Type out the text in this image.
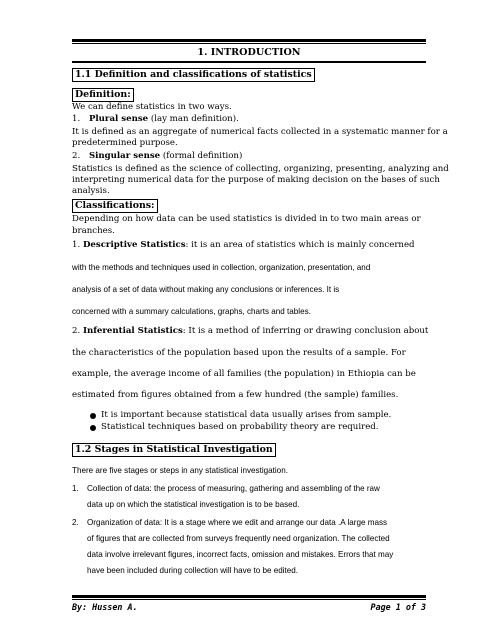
1. INTRODUCTION
1.1 Definition and classifications of statistics
Definition:
We can define statistics in two ways.
1. Plural sense (lay man definition).
It is defined as an aggregate of numerical facts collected in a systematic manner for a
predetermined purpose.
2. Singular sense (formal definition)
Statistics is defined as the science of collecting, organizing, presenting, analyzing and
interpreting numerical data for the purpose of making decision on the bases of such
analysis.
Classifications:
Depending on how data can be used statistics is divided in to two main areas or
branches.
1. Descriptive Statistics: it is an area of statistics which is mainly concerned
with the methods and techniques used in collection, organization, presentation, and
analysis of a set of data without making any conclusions or inferences. It is
concerned with a summary calculations, graphs, charts and tables.
2. Inferential Statistics: It is a method of inferring or drawing conclusion about
the characteristics of the population based upon the results of a sample. For
example, the average income of all families (the population) in Ethiopia can be
estimated from figures obtained from a few hundred (the sample) families.
It is important because statistical data usually arises from sample.
Statistical techniques based on probability theory are required.
1.2 Stages in Statistical Investigation
There are five stages or steps in any statistical investigation.
1. Collection of data: the process of measuring, gathering and assembling of the raw
data up on which the statistical investigation is to be based.
2. Organization of data: It is a stage where we edit and arrange our data .A large mass
of figures that are collected from surveys frequently need organization. The collected
data involve irrelevant figures, incorrect facts, omission and mistakes. Errors that may
have been included during collection will have to be edited.
By: Hussen A.	Page 1 of 3
